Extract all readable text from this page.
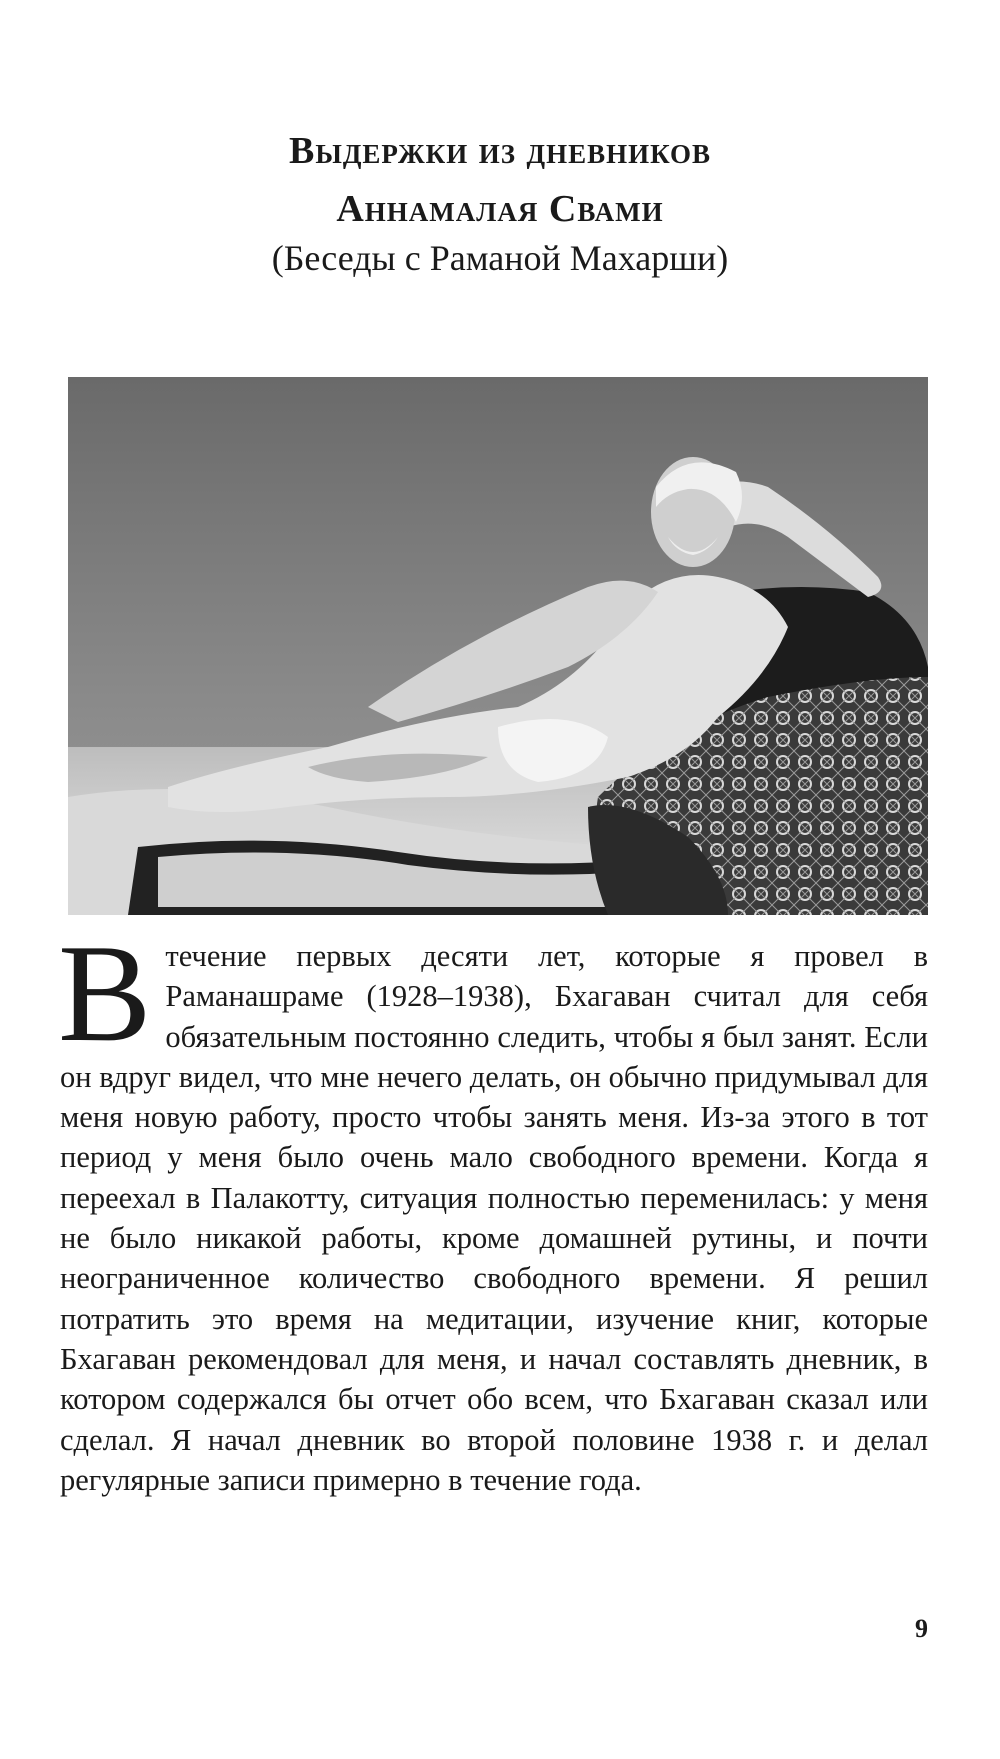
Выдержки из дневников
Аннамалая Свами
(Беседы с Раманой Махарши)
Втечение первых десяти лет, которые я провел в Раманашраме (1928–1938), Бхагаван считал для себя обязательным постоянно следить, чтобы я был занят. Если он вдруг видел, что мне нечего делать, он обычно придумывал для меня новую работу, просто чтобы занять меня. Из-за этого в тот период у меня было очень мало свободного времени. Когда я переехал в Палакотту, ситуация полностью переменилась: у меня не было никакой работы, кроме домашней рутины, и почти неограниченное количество свободного времени. Я решил потратить это время на медитации, изучение книг, которые Бхагаван рекомендовал для меня, и начал составлять дневник, в котором содержался бы отчет обо всем, что Бхагаван сказал или сделал. Я начал дневник во второй половине 1938 г. и делал регулярные записи примерно в течение года.
9
